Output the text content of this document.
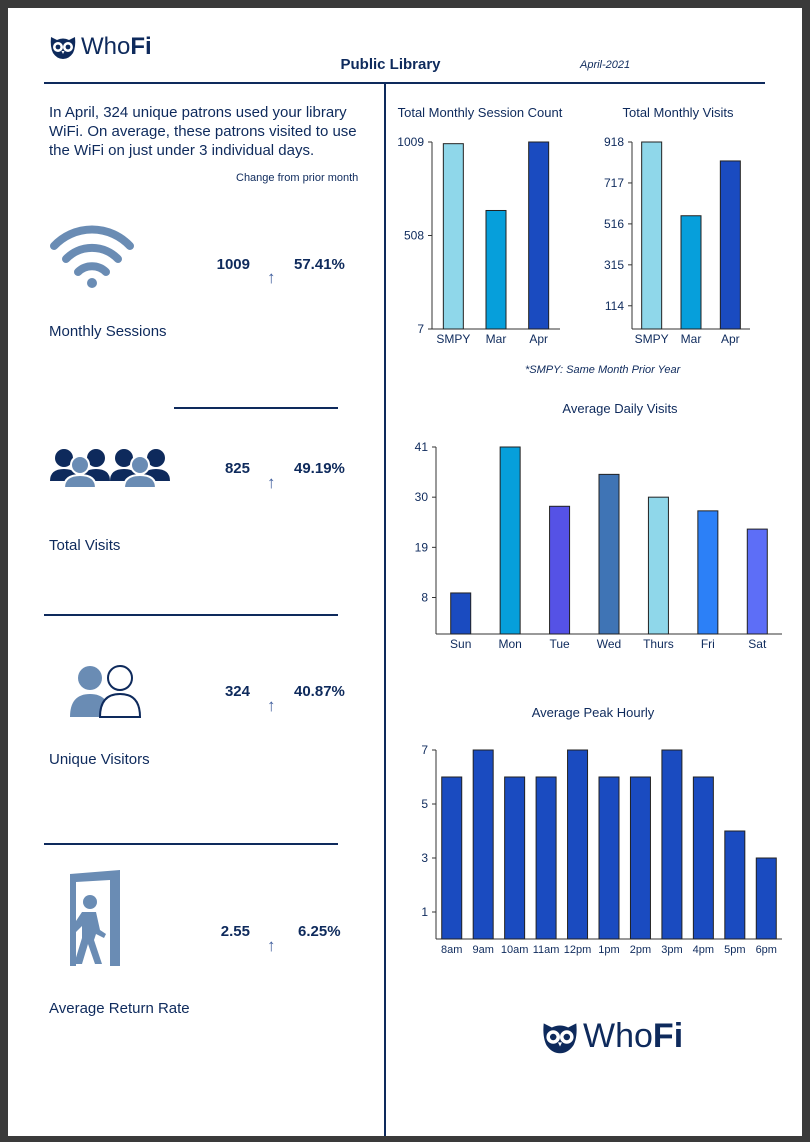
WhoFi
Public Library	April-2021
In April, 324 unique patrons used your library WiFi. On average, these patrons visited to use the WiFi on just under 3 individual days.
Change from prior month
1009
↑
57.41%
Monthly Sessions
825
↑
49.19%
Total Visits
324
↑
40.87%
Unique Visitors
2.55
↑
6.25%
Average Return Rate
Total Monthly Session Count	Total Monthly Visits
Average Daily Visits
Average Peak Hourly
*SMPY: Same Month Prior Year
1009
508
7
SMPY Mar Apr
918
717
516
315
114
SMPY Mar Apr
41
30
19
8
Sun Mon Tue Wed Thurs Fri	Sat
7
5
3
1
8am 9am 10am 11am 12pm 1pm 2pm 3pm 4pm 5pm 6pm
WhoFi
